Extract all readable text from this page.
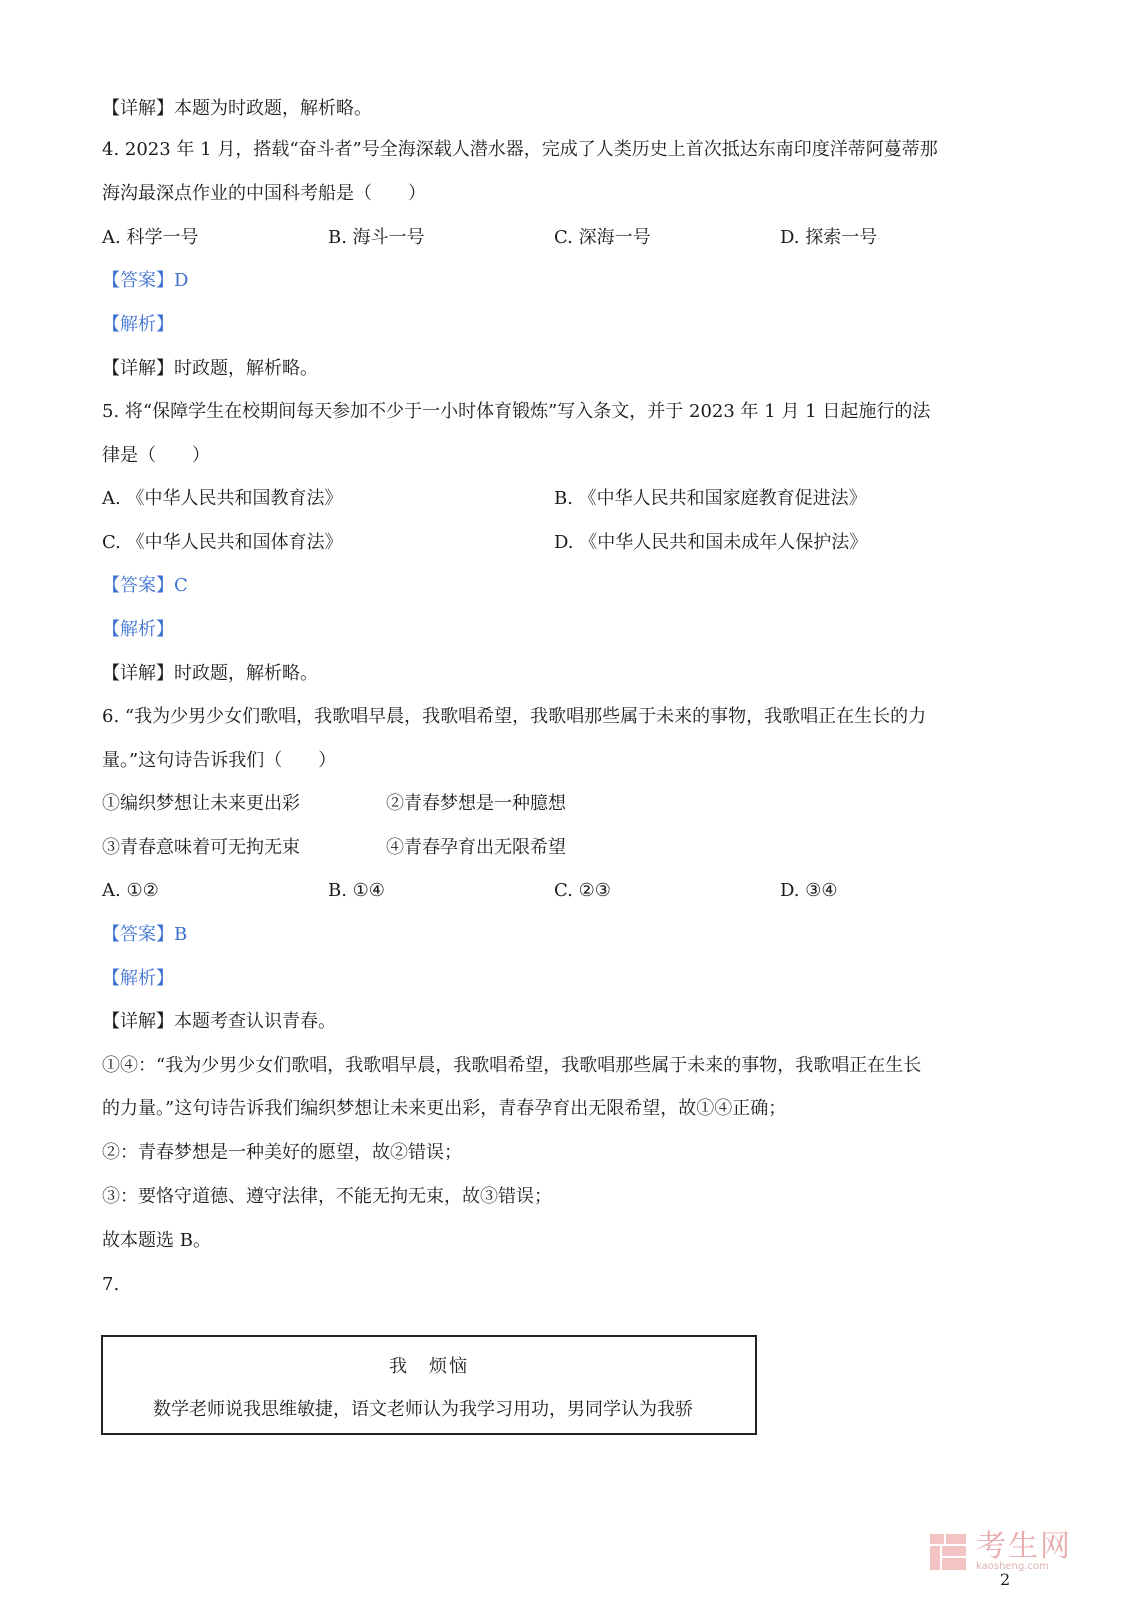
【详解】本题为时政题，解析略。
4. 2023 年 1 月，搭载“奋斗者”号全海深载人潜水器，完成了人类历史上首次抵达东南印度洋蒂阿蔓蒂那
海沟最深点作业的中国科考船是（　　）
A. 科学一号	B. 海斗一号	C. 深海一号	D. 探索一号
【答案】D
【解析】
【详解】时政题，解析略。
5. 将“保障学生在校期间每天参加不少于一小时体育锻炼”写入条文，并于 2023 年 1 月 1 日起施行的法
律是（　　）
A. 《中华人民共和国教育法》	B. 《中华人民共和国家庭教育促进法》
C. 《中华人民共和国体育法》	D. 《中华人民共和国未成年人保护法》
【答案】C
【解析】
【详解】时政题，解析略。
6. “我为少男少女们歌唱，我歌唱早晨，我歌唱希望，我歌唱那些属于未来的事物，我歌唱正在生长的力
量。”这句诗告诉我们（　　）
①编织梦想让未来更出彩	②青春梦想是一种臆想
③青春意味着可无拘无束	④青春孕育出无限希望
A. ①②	B. ①④	C. ②③	D. ③④
【答案】B
【解析】
【详解】本题考查认识青春。
①④：“我为少男少女们歌唱，我歌唱早晨，我歌唱希望，我歌唱那些属于未来的事物，我歌唱正在生长
的力量。”这句诗告诉我们编织梦想让未来更出彩，青春孕育出无限希望，故①④正确；
②：青春梦想是一种美好的愿望，故②错误；
③：要恪守道德、遵守法律，不能无拘无束，故③错误；
故本题选 B。
7.
我　烦恼
数学老师说我思维敏捷，语文老师认为我学习用功，男同学认为我骄
考生网
kaosheng.com
2
